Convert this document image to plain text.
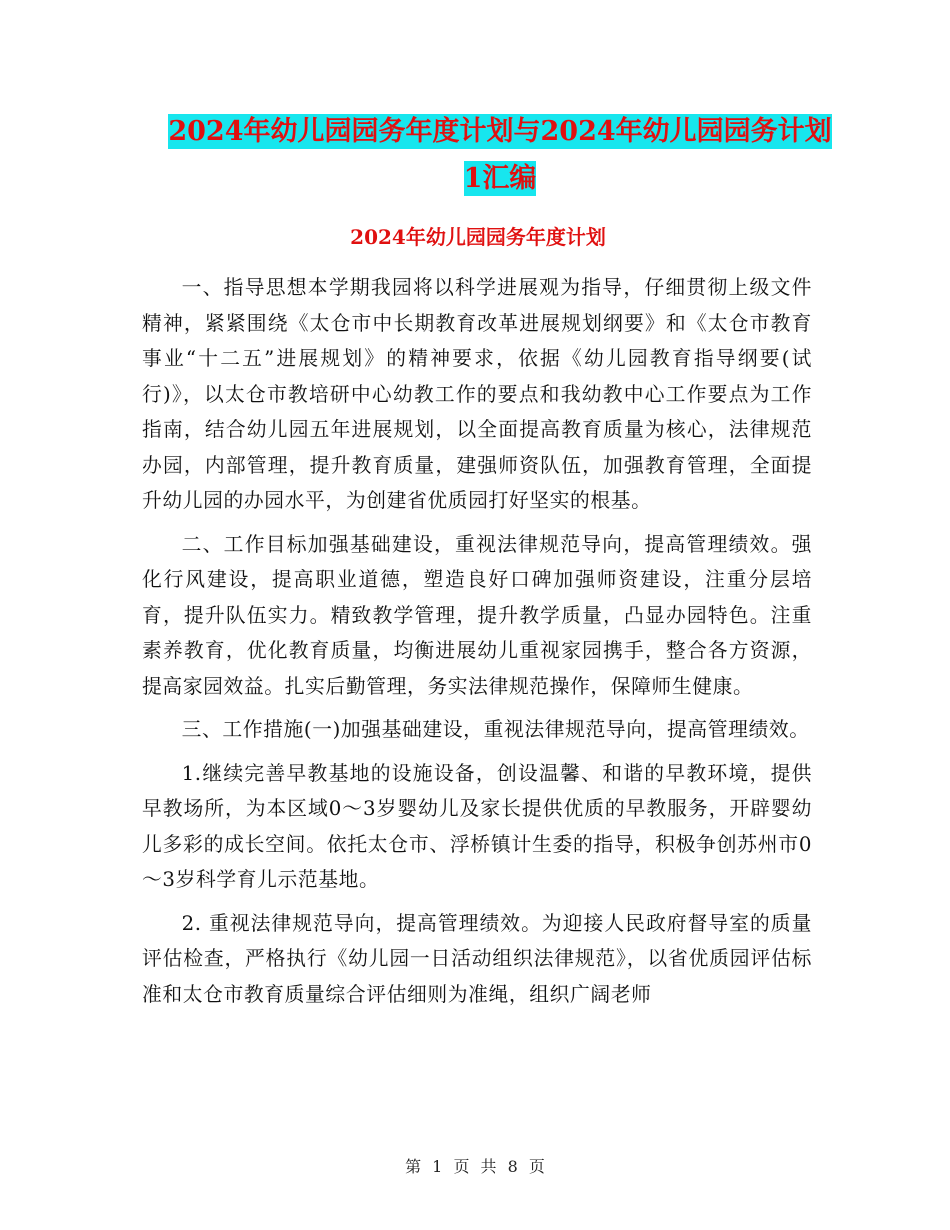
2024年幼儿园园务年度计划与2024年幼儿园园务计划
1汇编
2024年幼儿园园务年度计划

一、指导思想本学期我园将以科学进展观为指导，仔细贯彻上级文件精神，紧紧围绕《太仓市中长期教育改革进展规划纲要》和《太仓市教育事业“十二五”进展规划》的精神要求，依据《幼儿园教育指导纲要(试行)》，以太仓市教培研中心幼教工作的要点和我幼教中心工作要点为工作指南，结合幼儿园五年进展规划，以全面提高教育质量为核心，法律规范办园，内部管理，提升教育质量，建强师资队伍，加强教育管理，全面提升幼儿园的办园水平，为创建省优质园打好坚实的根基。

二、工作目标加强基础建设，重视法律规范导向，提高管理绩效。强化行风建设，提高职业道德，塑造良好口碑加强师资建设，注重分层培育，提升队伍实力。精致教学管理，提升教学质量，凸显办园特色。注重素养教育，优化教育质量，均衡进展幼儿重视家园携手，整合各方资源，提高家园效益。扎实后勤管理，务实法律规范操作，保障师生健康。

三、工作措施(一)加强基础建设，重视法律规范导向，提高管理绩效。

1.继续完善早教基地的设施设备，创设温馨、和谐的早教环境，提供早教场所，为本区域0～3岁婴幼儿及家长提供优质的早教服务，开辟婴幼儿多彩的成长空间。依托太仓市、浮桥镇计生委的指导，积极争创苏州市0～3岁科学育儿示范基地。

2. 重视法律规范导向，提高管理绩效。为迎接人民政府督导室的质量评估检查，严格执行《幼儿园一日活动组织法律规范》，以省优质园评估标准和太仓市教育质量综合评估细则为准绳，组织广阔老师

第 1 页 共 8 页
